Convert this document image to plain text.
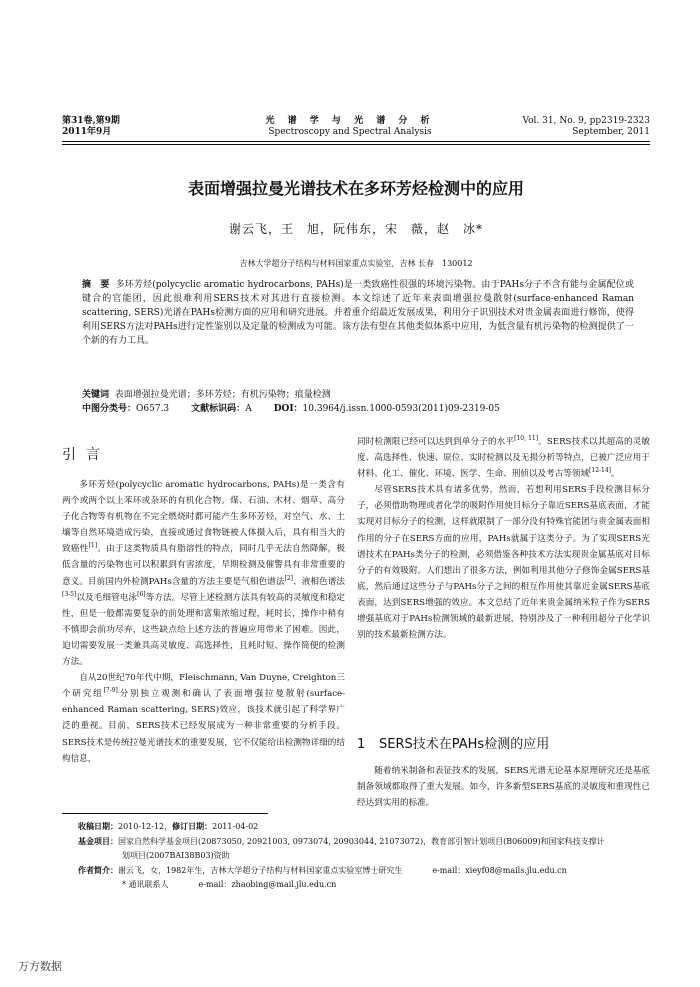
第31卷,第9期
2011年9月
光 谱 学 与 光 谱 分 析
Spectroscopy and Spectral Analysis
Vol. 31, No. 9, pp2319-2323
September, 2011
表面增强拉曼光谱技术在多环芳烃检测中的应用
谢云飞，王　旭，阮伟东，宋　薇，赵　冰*
吉林大学超分子结构与材料国家重点实验室，吉林 长春　130012
摘　要 多环芳烃(polycyclic aromatic hydrocarbons, PAHs)是一类致癌性很强的环境污染物。由于PAHs分子不含有能与金属配位或键合的官能团，因此很难利用SERS技术对其进行直接检测。本文综述了近年来表面增强拉曼散射(surface-enhanced Raman scattering, SERS)光谱在PAHs检测方面的应用和研究进展。并着重介绍最近发展成果，利用分子识别技术对贵金属表面进行修饰，使得利用SERS方法对PAHs进行定性鉴别以及定量的检测成为可能。该方法有望在其他类似体系中应用，为低含量有机污染物的检测提供了一个新的有力工具。
关键词 表面增强拉曼光谱；多环芳烃；有机污染物；痕量检测
中图分类号：O657.3 文献标识码：A DOI：10.3964/j.issn.1000-0593(2011)09-2319-05
引言

多环芳烃(polycyclic aromatic hydrocarbons, PAHs)是一类含有两个或两个以上苯环或杂环的有机化合物。煤、石油、木材、烟草、高分子化合物等有机物在不完全燃烧时都可能产生多环芳烃，对空气、水、土壤等自然环境造成污染，直接或通过食物链被人体摄入后，具有相当大的致癌性[1]。由于这类物质具有脂溶性的特点，同时几乎无法自然降解，极低含量的污染物也可以积累到有害浓度，早期检测及催警具有非常重要的意义。目前国内外检测PAHs含量的方法主要是气相色谱法[2]、液相色谱法[3-5]以及毛细管电泳[6]等方法。尽管上述检测方法具有较高的灵敏度和稳定性，但是一般都需要复杂的前处理和富集浓缩过程，耗时长，操作中稍有不慎即会前功尽弃，这些缺点给上述方法的普遍应用带来了困难。因此，迫切需要发展一类兼具高灵敏度、高选择性，且耗时短、操作简便的检测方法。

自从20世纪70年代中期，Fleischmann, Van Duyne, Creighton三个研究组[7-9]分别独立观测和确认了表面增强拉曼散射(surface-enhanced Raman scattering, SERS)效应，该技术就引起了科学界广泛的重视。目前，SERS技术已经发展成为一种非常重要的分析手段。SERS技术是传统拉曼光谱技术的重要发展，它不仅能给出检测物详细的结构信息，

同时检测限已经可以达到到单分子的水平[10, 11]。SERS技术以其超高的灵敏度、高选择性、快速、原位、实时检测以及无损分析等特点，已被广泛应用于材料、化工、催化、环境、医学、生命、刑侦以及考古等领域[12-14]。

尽管SERS技术具有诸多优势，然而，若想利用SERS手段检测目标分子，必须借助物理或者化学的吸附作用使目标分子靠近SERS基底表面，才能实现对目标分子的检测，这样就限制了一部分没有特殊官能团与贵金属表面相作用的分子在SERS方面的应用，PAHs就属于这类分子。为了实现SERS光谱技术在PAHs类分子的检测，必须借鉴各种技术方法实现贵金属基底对目标分子的有效吸附。人们想出了很多方法，例如利用其他分子修饰金属SERS基底，然后通过这些分子与PAHs分子之间的相互作用使其靠近金属SERS基底表面，达到SERS增强的效应。本文总结了近年来贵金属纳米粒子作为SERS增强基底对于PAHs检测领域的最新进展，特别涉及了一种利用超分子化学识别的技术最新检测方法。

1 SERS技术在PAHs检测的应用

随着纳米制备和表征技术的发展，SERS光谱无论基本原理研究还是基底制备领域都取得了重大发展。如今，许多新型SERS基底的灵敏度和重现性已经达到实用的标准。

收稿日期：2010-12-12，修订日期：2011-04-02

基金项目：国家自然科学基金项目(20873050, 20921003, 0973074, 20903044, 21073072)，教育部引智计划项目(B06009)和国家科技支撑计

划项目(2007BAI38B03)资助

作者简介：谢云飞，女，1982年生，吉林大学超分子结构与材料国家重点实验室博士研究生	e-mail：xieyf08@mails.jlu.edu.cn

* 通讯联系人	e-mail：zhaobing@mail.jlu.edu.cn

万方数据
